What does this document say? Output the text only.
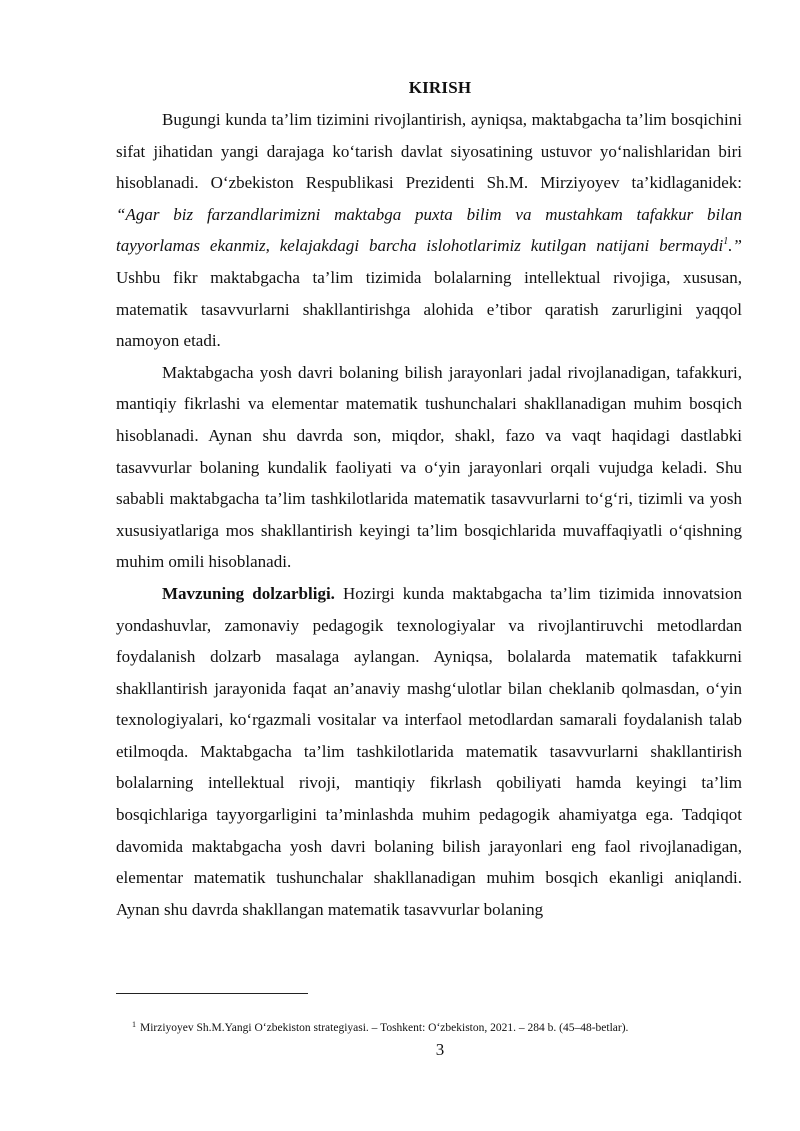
KIRISH

Bugungi kunda ta’lim tizimini rivojlantirish, ayniqsa, maktabgacha ta’lim bosqichini sifat jihatidan yangi darajaga ko‘tarish davlat siyosatining ustuvor yo‘nalishlaridan biri hisoblanadi. O‘zbekiston Respublikasi Prezidenti Sh.M. Mirziyoyev ta’kidlaganidek: “Agar biz farzandlarimizni maktabga puxta bilim va mustahkam tafakkur bilan tayyorlamas ekanmiz, kelajakdagi barcha islohotlarimiz kutilgan natijani bermaydi$^1$.” Ushbu fikr maktabgacha ta’lim tizimida bolalarning intellektual rivojiga, xususan, matematik tasavvurlarni shakllantirishga alohida e’tibor qaratish zarurligini yaqqol namoyon etadi.

Maktabgacha yosh davri bolaning bilish jarayonlari jadal rivojlanadigan, tafakkuri, mantiqiy fikrlashi va elementar matematik tushunchalari shakllanadigan muhim bosqich hisoblanadi. Aynan shu davrda son, miqdor, shakl, fazo va vaqt haqidagi dastlabki tasavvurlar bolaning kundalik faoliyati va o‘yin jarayonlari orqali vujudga keladi. Shu sababli maktabgacha ta’lim tashkilotlarida matematik tasavvurlarni to‘g‘ri, tizimli va yosh xususiyatlariga mos shakllantirish keyingi ta’lim bosqichlarida muvaffaqiyatli o‘qishning muhim omili hisoblanadi.

Mavzuning dolzarbligi. Hozirgi kunda maktabgacha ta’lim tizimida innovatsion yondashuvlar, zamonaviy pedagogik texnologiyalar va rivojlantiruvchi metodlardan foydalanish dolzarb masalaga aylangan. Ayniqsa, bolalarda matematik tafakkurni shakllantirish jarayonida faqat an’anaviy mashg‘ulotlar bilan cheklanib qolmasdan, o‘yin texnologiyalari, ko‘rgazmali vositalar va interfaol metodlardan samarali foydalanish talab etilmoqda. Maktabgacha ta’lim tashkilotlarida matematik tasavvurlarni shakllantirish bolalarning intellektual rivoji, mantiqiy fikrlash qobiliyati hamda keyingi ta’lim bosqichlariga tayyorgarligini ta’minlashda muhim pedagogik ahamiyatga ega. Tadqiqot davomida maktabgacha yosh davri bolaning bilish jarayonlari eng faol rivojlanadigan, elementar matematik tushunchalar shakllanadigan muhim bosqich ekanligi aniqlandi. Aynan shu davrda shakllangan matematik tasavvurlar bolaning

$^1$ Mirziyoyev Sh.M.Yangi O‘zbekiston strategiyasi. – Toshkent: O‘zbekiston, 2021. – 284 b. (45–48-betlar).
3
